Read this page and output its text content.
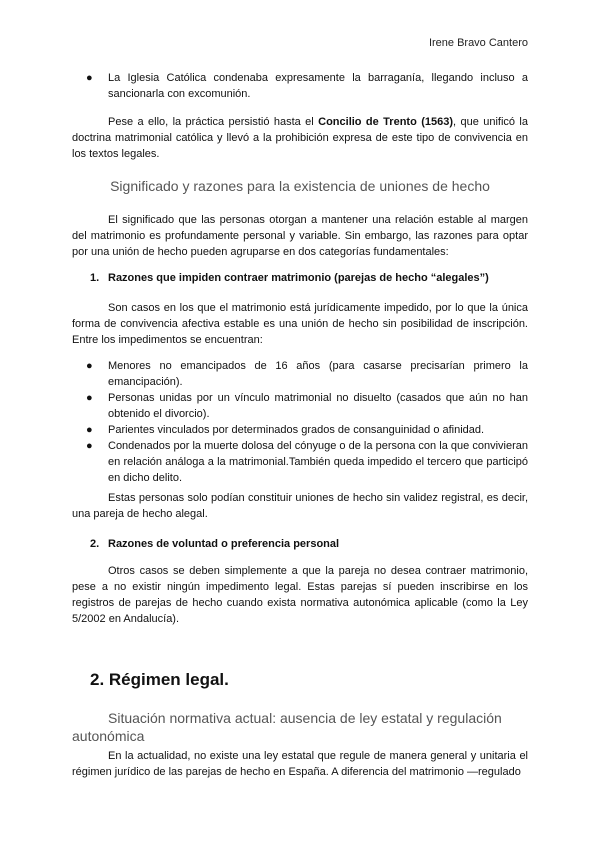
Irene Bravo Cantero
● La Iglesia Católica condenaba expresamente la barraganía, llegando incluso a sancionarla con excomunión.

Pese a ello, la práctica persistió hasta el Concilio de Trento (1563), que unificó la doctrina matrimonial católica y llevó a la prohibición expresa de este tipo de convivencia en los textos legales.

Significado y razones para la existencia de uniones de hecho

El significado que las personas otorgan a mantener una relación estable al margen del matrimonio es profundamente personal y variable. Sin embargo, las razones para optar por una unión de hecho pueden agruparse en dos categorías fundamentales:

1. Razones que impiden contraer matrimonio (parejas de hecho “alegales”)

Son casos en los que el matrimonio está jurídicamente impedido, por lo que la única forma de convivencia afectiva estable es una unión de hecho sin posibilidad de inscripción. Entre los impedimentos se encuentran:

● Menores no emancipados de 16 años (para casarse precisarían primero la emancipación).
● Personas unidas por un vínculo matrimonial no disuelto (casados que aún no han obtenido el divorcio).
● Parientes vinculados por determinados grados de consanguinidad o afinidad.
● Condenados por la muerte dolosa del cónyuge o de la persona con la que convivieran en relación análoga a la matrimonial.También queda impedido el tercero que participó en dicho delito.

Estas personas solo podían constituir uniones de hecho sin validez registral, es decir, una pareja de hecho alegal.

2. Razones de voluntad o preferencia personal

Otros casos se deben simplemente a que la pareja no desea contraer matrimonio, pese a no existir ningún impedimento legal. Estas parejas sí pueden inscribirse en los registros de parejas de hecho cuando exista normativa autonómica aplicable (como la Ley 5/2002 en Andalucía).

2. Régimen legal.
Situación normativa actual: ausencia de ley estatal y regulación autonómica

En la actualidad, no existe una ley estatal que regule de manera general y unitaria el régimen jurídico de las parejas de hecho en España. A diferencia del matrimonio —regulado
